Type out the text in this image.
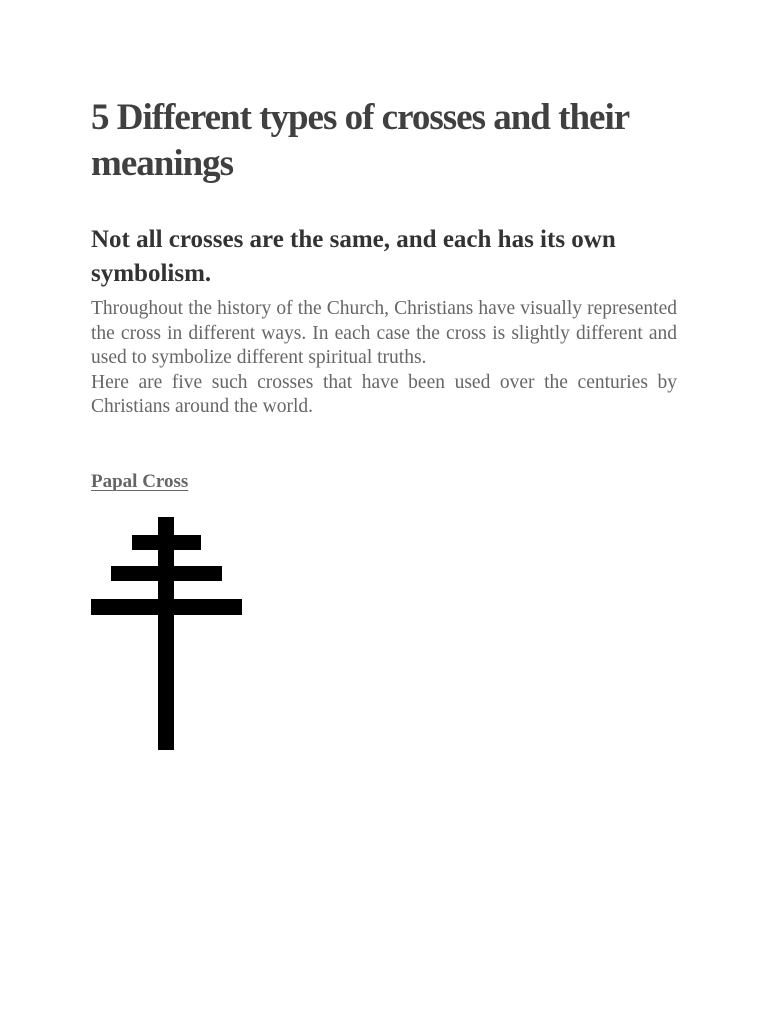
5 Different types of crosses and their meanings
Not all crosses are the same, and each has its own symbolism.

Throughout the history of the Church, Christians have visually represented the cross in different ways. In each case the cross is slightly different and used to symbolize different spiritual truths.

Here are five such crosses that have been used over the centuries by Christians around the world.

Papal Cross
